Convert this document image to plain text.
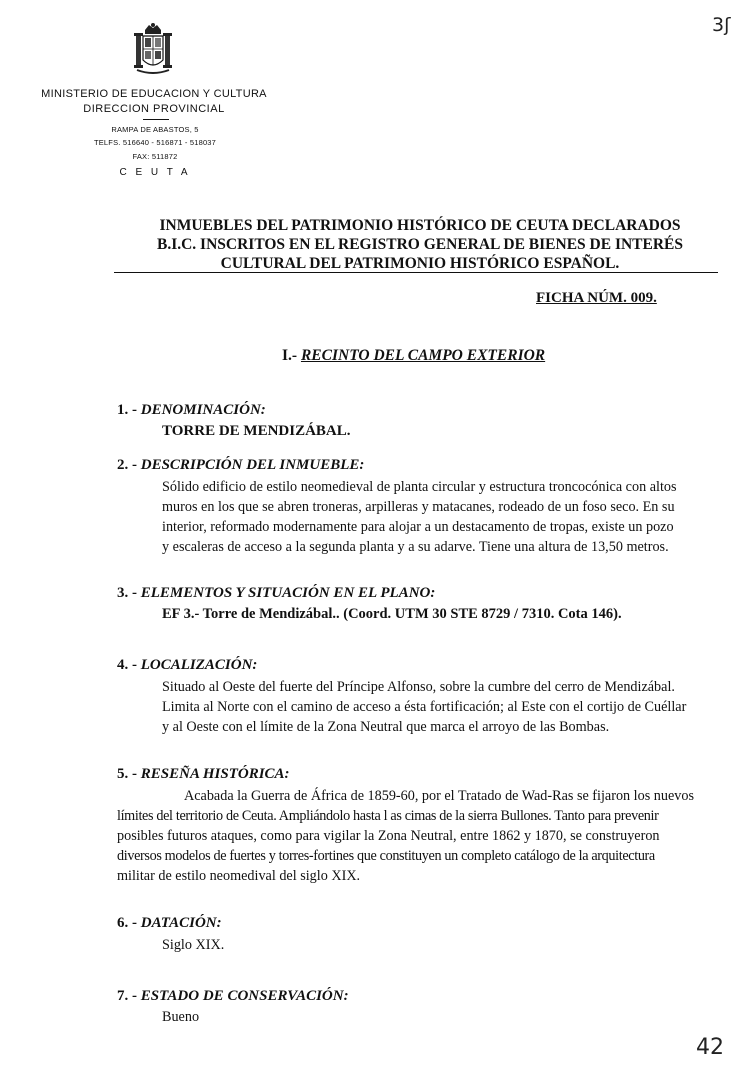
MINISTERIO DE EDUCACION Y CULTURA
DIRECCION PROVINCIAL
RAMPA DE ABASTOS, 5
TELFS. 516640 - 516871 - 518037
FAX: 511872
C E U T A
3ʃ
42
INMUEBLES DEL PATRIMONIO HISTÓRICO DE CEUTA DECLARADOS
B.I.C. INSCRITOS EN EL REGISTRO GENERAL DE BIENES DE INTERÉS
CULTURAL DEL PATRIMONIO HISTÓRICO ESPAÑOL.
FICHA NÚM. 009.
I.- RECINTO DEL CAMPO EXTERIOR
1. - DENOMINACIÓN:
TORRE DE MENDIZÁBAL.
2. - DESCRIPCIÓN DEL INMUEBLE:
Sólido edificio de estilo neomedieval de planta circular y estructura troncocónica con altos
muros en los que se abren troneras, arpilleras y matacanes, rodeado de un foso seco. En su
interior, reformado modernamente para alojar a un destacamento de tropas, existe un pozo
y escaleras de acceso a la segunda planta y a su adarve. Tiene una altura de 13,50 metros.
3. - ELEMENTOS Y SITUACIÓN EN EL PLANO:
EF 3.- Torre de Mendizábal.. (Coord. UTM 30 STE 8729 / 7310. Cota 146).
4. - LOCALIZACIÓN:
Situado al Oeste del fuerte del Príncipe Alfonso, sobre la cumbre del cerro de Mendizábal.
Limita al Norte con el camino de acceso a ésta fortificación; al Este con el cortijo de Cuéllar
y al Oeste con el límite de la Zona Neutral que marca el arroyo de las Bombas.
5. - RESEÑA HISTÓRICA:
Acabada la Guerra de África de 1859-60, por el Tratado de Wad-Ras se fijaron los nuevos
límites del territorio de Ceuta. Ampliándolo hasta l as cimas de la sierra Bullones. Tanto para prevenir
posibles futuros ataques, como para vigilar la Zona Neutral, entre 1862 y 1870, se construyeron
diversos modelos de fuertes y torres-fortines que constituyen un completo catálogo de la arquitectura
militar de estilo neomedival del siglo XIX.
6. - DATACIÓN:
Siglo XIX.
7. - ESTADO DE CONSERVACIÓN:
Bueno
